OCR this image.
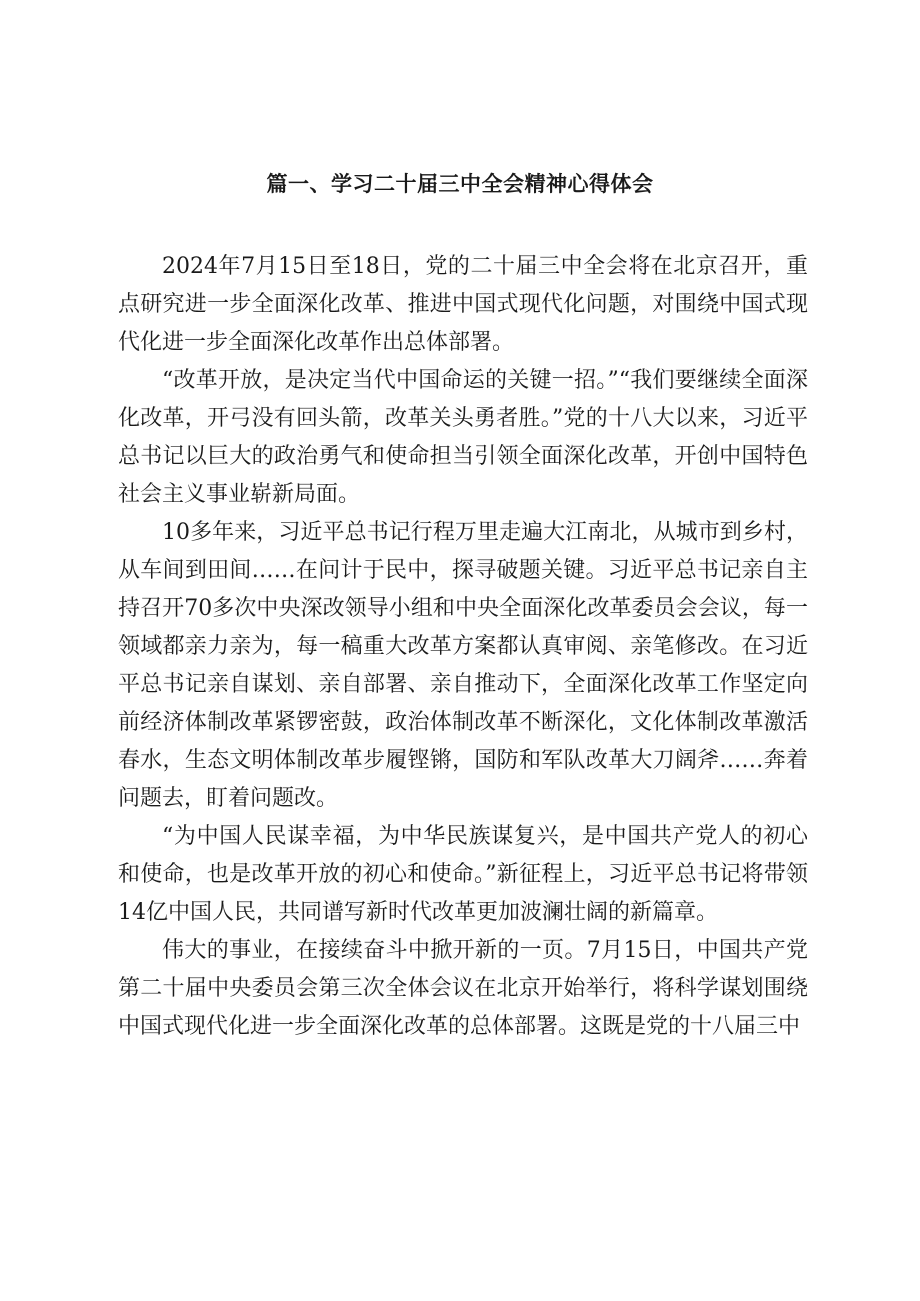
篇一、学习二十届三中全会精神心得体会

2024年7月15日至18日，党的二十届三中全会将在北京召开，重点研究进一步全面深化改革、推进中国式现代化问题，对围绕中国式现代化进一步全面深化改革作出总体部署。

“改革开放，是决定当代中国命运的关键一招。”“我们要继续全面深化改革，开弓没有回头箭，改革关头勇者胜。”党的十八大以来，习近平总书记以巨大的政治勇气和使命担当引领全面深化改革，开创中国特色社会主义事业崭新局面。

10多年来，习近平总书记行程万里走遍大江南北，从城市到乡村，从车间到田间……在问计于民中，探寻破题关键。习近平总书记亲自主持召开70多次中央深改领导小组和中央全面深化改革委员会会议，每一领域都亲力亲为，每一稿重大改革方案都认真审阅、亲笔修改。在习近平总书记亲自谋划、亲自部署、亲自推动下，全面深化改革工作坚定向前经济体制改革紧锣密鼓，政治体制改革不断深化，文化体制改革激活春水，生态文明体制改革步履铿锵，国防和军队改革大刀阔斧……奔着问题去，盯着问题改。

“为中国人民谋幸福，为中华民族谋复兴，是中国共产党人的初心和使命，也是改革开放的初心和使命。”新征程上，习近平总书记将带领14亿中国人民，共同谱写新时代改革更加波澜壮阔的新篇章。

伟大的事业，在接续奋斗中掀开新的一页。7月15日，中国共产党第二十届中央委员会第三次全体会议在北京开始举行，将科学谋划围绕中国式现代化进一步全面深化改革的总体部署。这既是党的十八届三中
